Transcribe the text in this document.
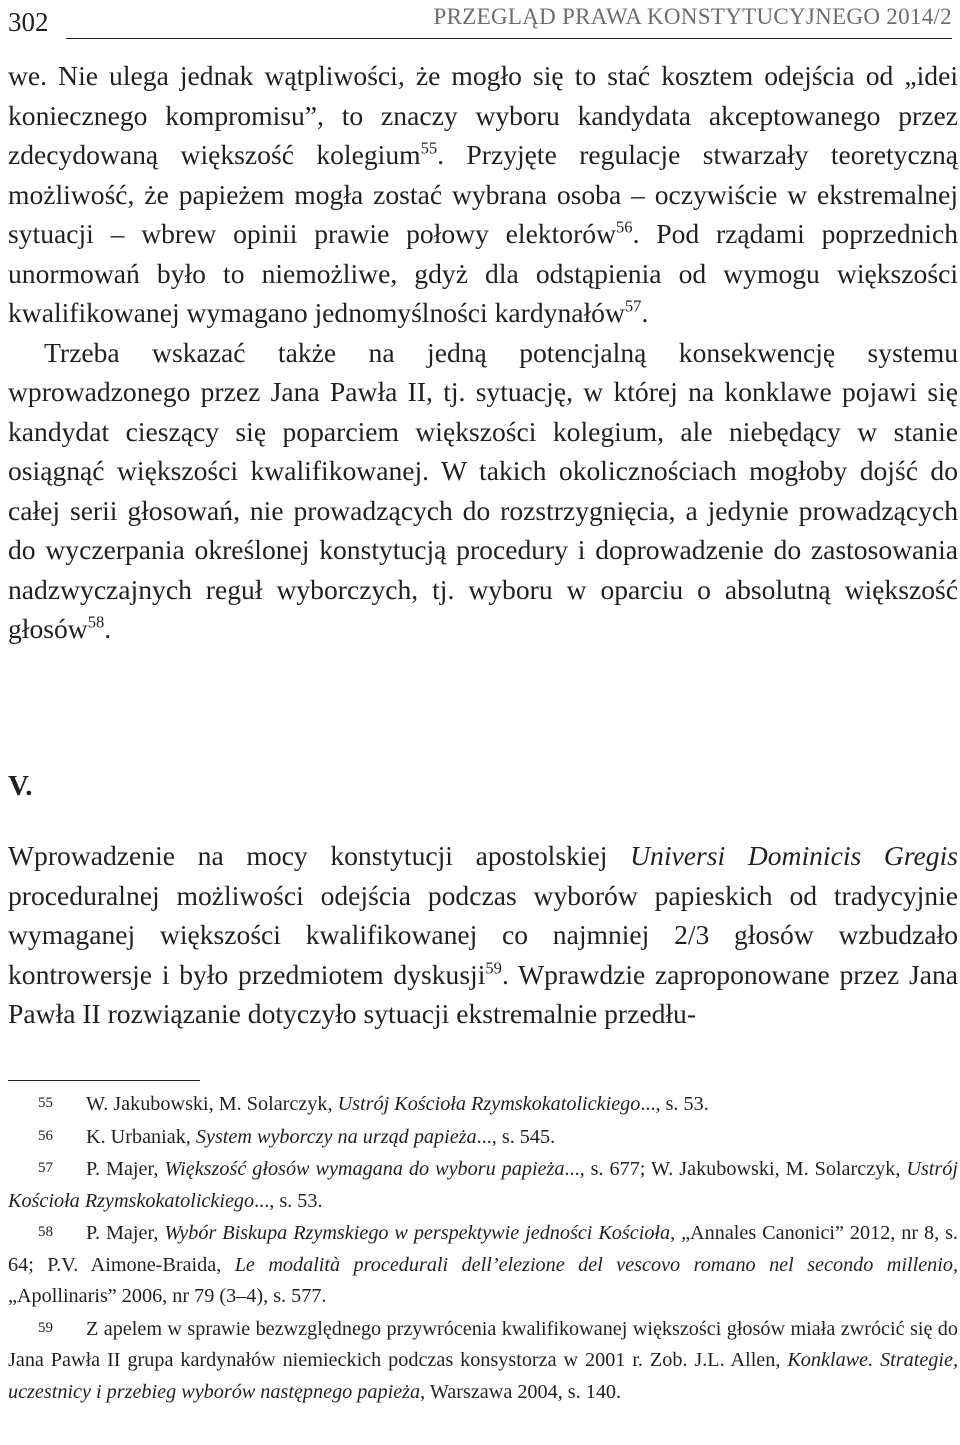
302	PRZEGLĄD PRAWA KONSTYTUCYJNEGO 2014/2

we. Nie ulega jednak wątpliwości, że mogło się to stać kosztem odejścia od „idei koniecznego kompromisu”, to znaczy wyboru kandydata akceptowanego przez zdecydowaną większość kolegium$^{55}$. Przyjęte regulacje stwarzały teoretyczną możliwość, że papieżem mogła zostać wybrana osoba – oczywiście w ekstremalnej sytuacji – wbrew opinii prawie połowy elektorów$^{56}$. Pod rządami poprzednich unormowań było to niemożliwe, gdyż dla odstąpienia od wymogu większości kwalifikowanej wymagano jednomyślności kardynałów$^{57}$.

Trzeba wskazać także na jedną potencjalną konsekwencję systemu wprowadzonego przez Jana Pawła II, tj. sytuację, w której na konklawe pojawi się kandydat cieszący się poparciem większości kolegium, ale niebędący w stanie osiągnąć większości kwalifikowanej. W takich okolicznościach mogłoby dojść do całej serii głosowań, nie prowadzących do rozstrzygnięcia, a jedynie prowadzących do wyczerpania określonej konstytucją procedury i doprowadzenie do zastosowania nadzwyczajnych reguł wyborczych, tj. wyboru w oparciu o absolutną większość głosów$^{58}$.

V.

Wprowadzenie na mocy konstytucji apostolskiej Universi Dominicis Gregis proceduralnej możliwości odejścia podczas wyborów papieskich od tradycyjnie wymaganej większości kwalifikowanej co najmniej 2/3 głosów wzbudzało kontrowersje i było przedmiotem dyskusji$^{59}$. Wprawdzie zaproponowane przez Jana Pawła II rozwiązanie dotyczyło sytuacji ekstremalnie przedłu-

55 W. Jakubowski, M. Solarczyk, Ustrój Kościoła Rzymskokatolickiego..., s. 53.

56 K. Urbaniak, System wyborczy na urząd papieża..., s. 545.

57 P. Majer, Większość głosów wymagana do wyboru papieża..., s. 677; W. Jakubowski, M. Solarczyk, Ustrój Kościoła Rzymskokatolickiego..., s. 53.

58 P. Majer, Wybór Biskupa Rzymskiego w perspektywie jedności Kościoła, „Annales Canonici” 2012, nr 8, s. 64; P.V. Aimone-Braida, Le modalità procedurali dell’elezione del vescovo romano nel secondo millenio, „Apollinaris” 2006, nr 79 (3–4), s. 577.

59 Z apelem w sprawie bezwzględnego przywrócenia kwalifikowanej większości głosów miała zwrócić się do Jana Pawła II grupa kardynałów niemieckich podczas konsystorza w 2001 r. Zob. J.L. Allen, Konklawe. Strategie, uczestnicy i przebieg wyborów następnego papieża, Warszawa 2004, s. 140.
